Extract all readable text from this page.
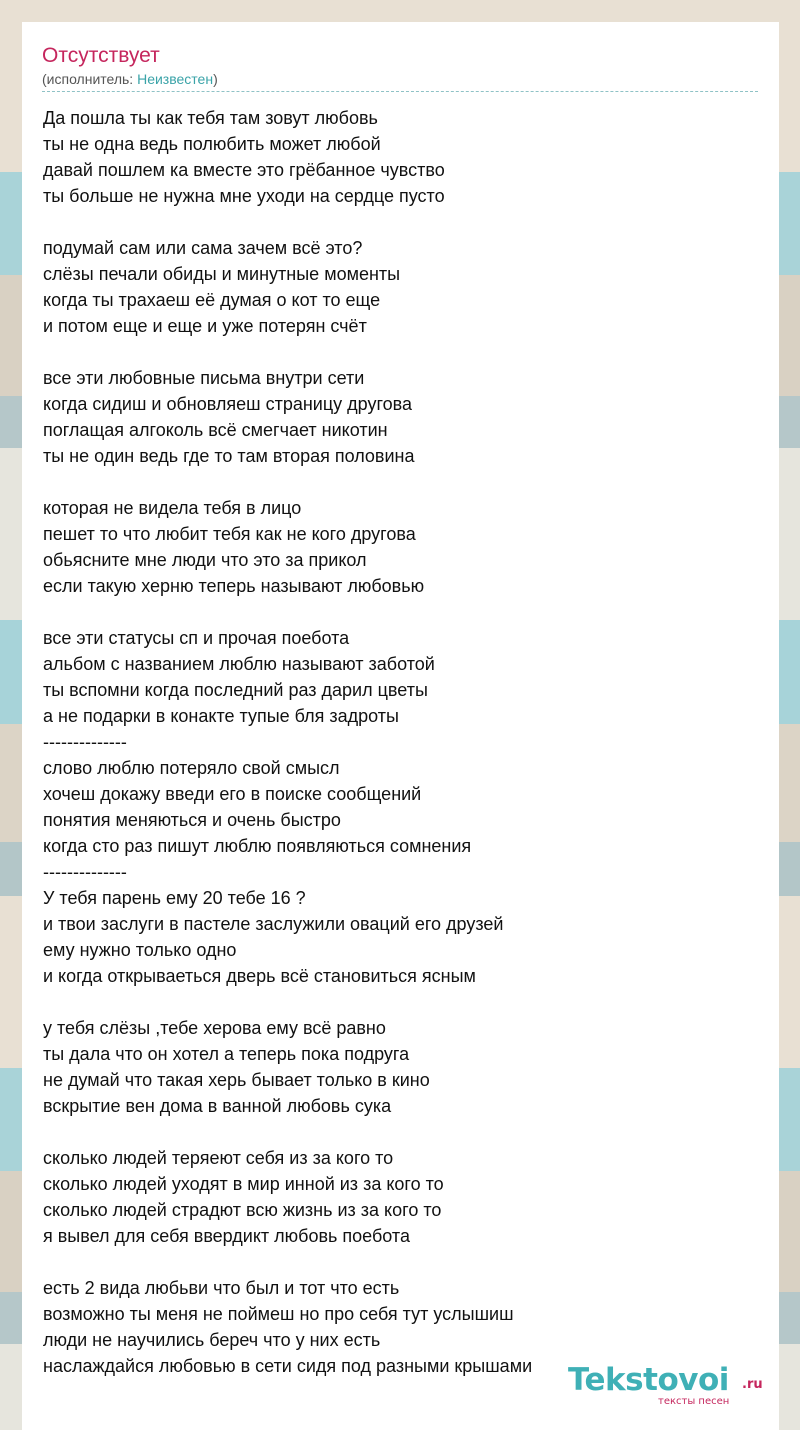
Отсутствует
(исполнитель: Неизвестен)
Да пошла ты как тебя там зовут любовь
ты не одна ведь полюбить может любой
давай пошлем ка вместе это грёбанное чувство
ты больше не нужна мне уходи на сердце пусто
подумай сам или сама зачем всё это?
слёзы печали обиды и минутные моменты
когда ты трахаеш её думая о кот то еще
и потом еще и еще и уже потерян счёт
все эти любовные письма внутри сети
когда сидиш и обновляеш страницу другова
поглащая алгоколь всё смегчает никотин
ты не один ведь где то там вторая половина
которая не видела тебя в лицо
пешет то что любит тебя как не кого другова
обьясните мне люди что это за прикол
если такую херню теперь называют любовью
все эти статусы сп и прочая поебота
альбом с названием люблю называют заботой
ты вспомни когда последний раз дарил цветы
а не подарки в конакте тупые бля задроты
--------------
слово люблю потеряло свой смысл
хочеш докажу введи его в поиске сообщений
понятия меняються и очень быстро
когда сто раз пишут люблю появляються сомнения
--------------
У тебя парень ему 20 тебе 16 ?
и твои заслуги в пастеле заслужили оваций его друзей
ему нужно только одно
и когда открываеться дверь всё становиться ясным
у тебя слёзы ,тебе херова ему всё равно
ты дала что он хотел а теперь пока подруга
не думай что такая херь бывает только в кино
вскрытие вен дома в ванной любовь сука
сколько людей теряеют себя из за кого то
сколько людей уходят в мир инной из за кого то
сколько людей страдют всю жизнь из за кого то
я вывел для себя ввердикт любовь поебота
есть 2 вида любьви что был и тот что есть
возможно ты меня не поймеш но про себя тут услышиш
люди не научились береч что у них есть
наслаждайся любовью в сети сидя под разными крышами	Tekstovoi .ru
тексты песен
